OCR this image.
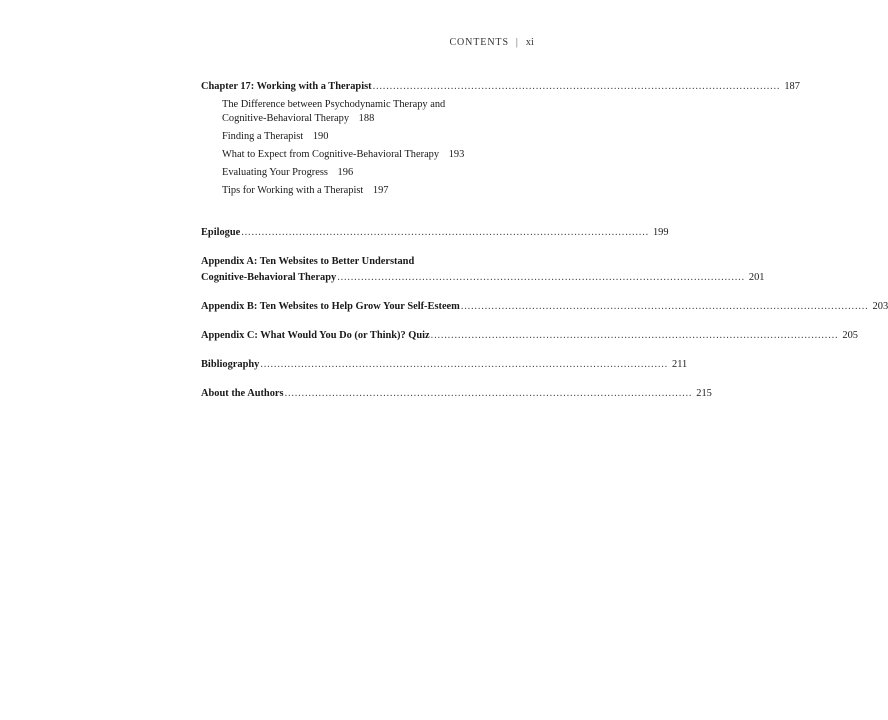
CONTENTS | xi
Chapter 17: Working with a Therapist ........................................................................................................................ 187
The Difference between Psychodynamic Therapy and
Cognitive-Behavioral Therapy 188
Finding a Therapist 190
What to Expect from Cognitive-Behavioral Therapy 193
Evaluating Your Progress 196
Tips for Working with a Therapist 197
Epilogue ........................................................................................................................ 199
Appendix A: Ten Websites to Better Understand
Cognitive-Behavioral Therapy ........................................................................................................................ 201
Appendix B: Ten Websites to Help Grow Your Self-Esteem ........................................................................................................................ 203
Appendix C: What Would You Do (or Think)? Quiz ........................................................................................................................ 205
Bibliography ........................................................................................................................ 211
About the Authors ........................................................................................................................ 215
